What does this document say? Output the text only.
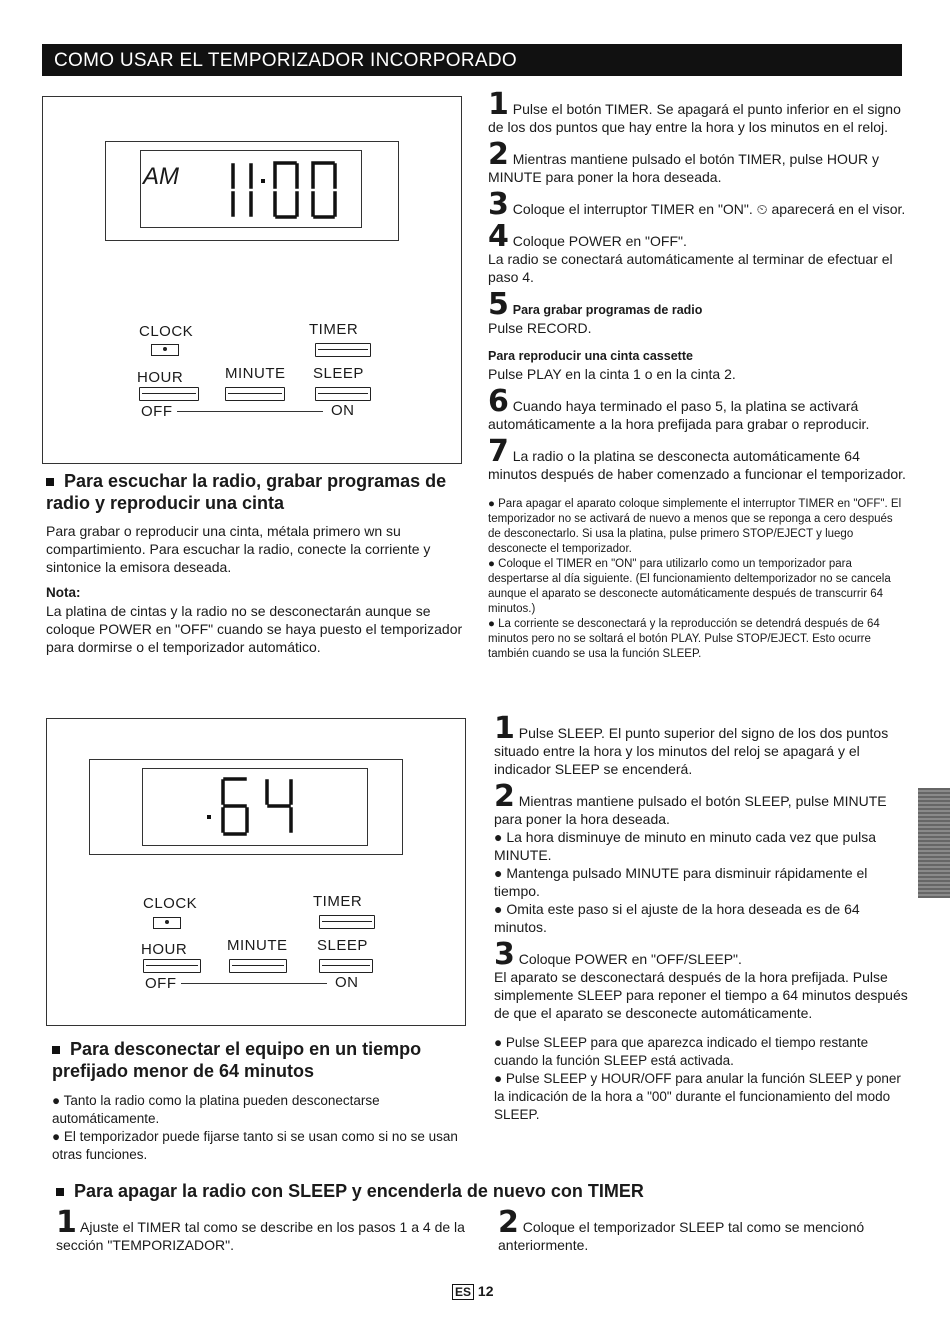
COMO USAR EL TEMPORIZADOR INCORPORADO
AM
CLOCK	TIMER
HOUR	MINUTE SLEEP
OFF	ON
1 Pulse el botón TIMER. Se apagará el punto inferior en el signo de los dos puntos que hay entre la hora y los minutos en el reloj.
2 Mientras mantiene pulsado el botón TIMER, pulse HOUR y MINUTE para poner la hora deseada.
3 Coloque el interruptor TIMER en "ON". ⏲ aparecerá en el visor.
4 Coloque POWER en "OFF".

La radio se conectará automáticamente al terminar de efectuar el paso 4.

5 Para grabar programas de radio

Pulse RECORD.

Para reproducir una cinta cassette

Pulse PLAY en la cinta 1 o en la cinta 2.

6 Cuando haya terminado el paso 5, la platina se activará automáticamente a la hora prefijada para grabar o reproducir.
7 La radio o la platina se desconecta automáticamente 64 minutos después de haber comenzado a funcionar el temporizador.

● Para apagar el aparato coloque simplemente el interruptor TIMER en "OFF". El temporizador no se activará de nuevo a menos que se reponga a cero después de desconectarlo. Si usa la platina, pulse primero STOP/EJECT y luego desconecte el temporizador.

● Coloque el TIMER en "ON" para utilizarlo como un temporizador para despertarse al día siguiente. (El funcionamiento deltemporizador no se cancela aunque el aparato se desconecte automáticamente después de transcurrir 64 minutos.)

● La corriente se desconectará y la reproducción se detendrá después de 64 minutos pero no se soltará el botón PLAY. Pulse STOP/EJECT. Esto ocurre también cuando se usa la función SLEEP.

Para escuchar la radio, grabar programas de radio y reproducir una cinta

Para grabar o reproducir una cinta, métala primero wn su compartimiento. Para escuchar la radio, conecte la corriente y sintonice la emisora deseada.

Nota:

La platina de cintas y la radio no se desconectarán aunque se coloque POWER en "OFF" cuando se haya puesto el temporizador para dormirse o el temporizador automático.

CLOCK	TIMER
HOUR	MINUTE SLEEP
OFF	ON
1 Pulse SLEEP. El punto superior del signo de los dos puntos situado entre la hora y los minutos del reloj se apagará y el indicador SLEEP se encenderá.
2 Mientras mantiene pulsado el botón SLEEP, pulse MINUTE para poner la hora deseada.

● La hora disminuye de minuto en minuto cada vez que pulsa MINUTE.

● Mantenga pulsado MINUTE para disminuir rápidamente el tiempo.

● Omita este paso si el ajuste de la hora deseada es de 64 minutos.

3 Coloque POWER en "OFF/SLEEP".

El aparato se desconectará después de la hora prefijada. Pulse simplemente SLEEP para reponer el tiempo a 64 minutos después de que el aparato se desconecte automáticamente.

● Pulse SLEEP para que aparezca indicado el tiempo restante cuando la función SLEEP está activada.

● Pulse SLEEP y HOUR/OFF para anular la función SLEEP y poner la indicación de la hora a "00" durante el funcionamiento del modo SLEEP.

Para desconectar el equipo en un tiempo prefijado menor de 64 minutos

● Tanto la radio como la platina pueden desconectarse automáticamente.

● El temporizador puede fijarse tanto si se usan como si no se usan otras funciones.

Para apagar la radio con SLEEP y encenderla de nuevo con TIMER

1 Ajuste el TIMER tal como se describe en los pasos 1 a 4 de la sección "TEMPORIZADOR".
2 Coloque el temporizador SLEEP tal como se mencionó anteriormente.
ES 12
